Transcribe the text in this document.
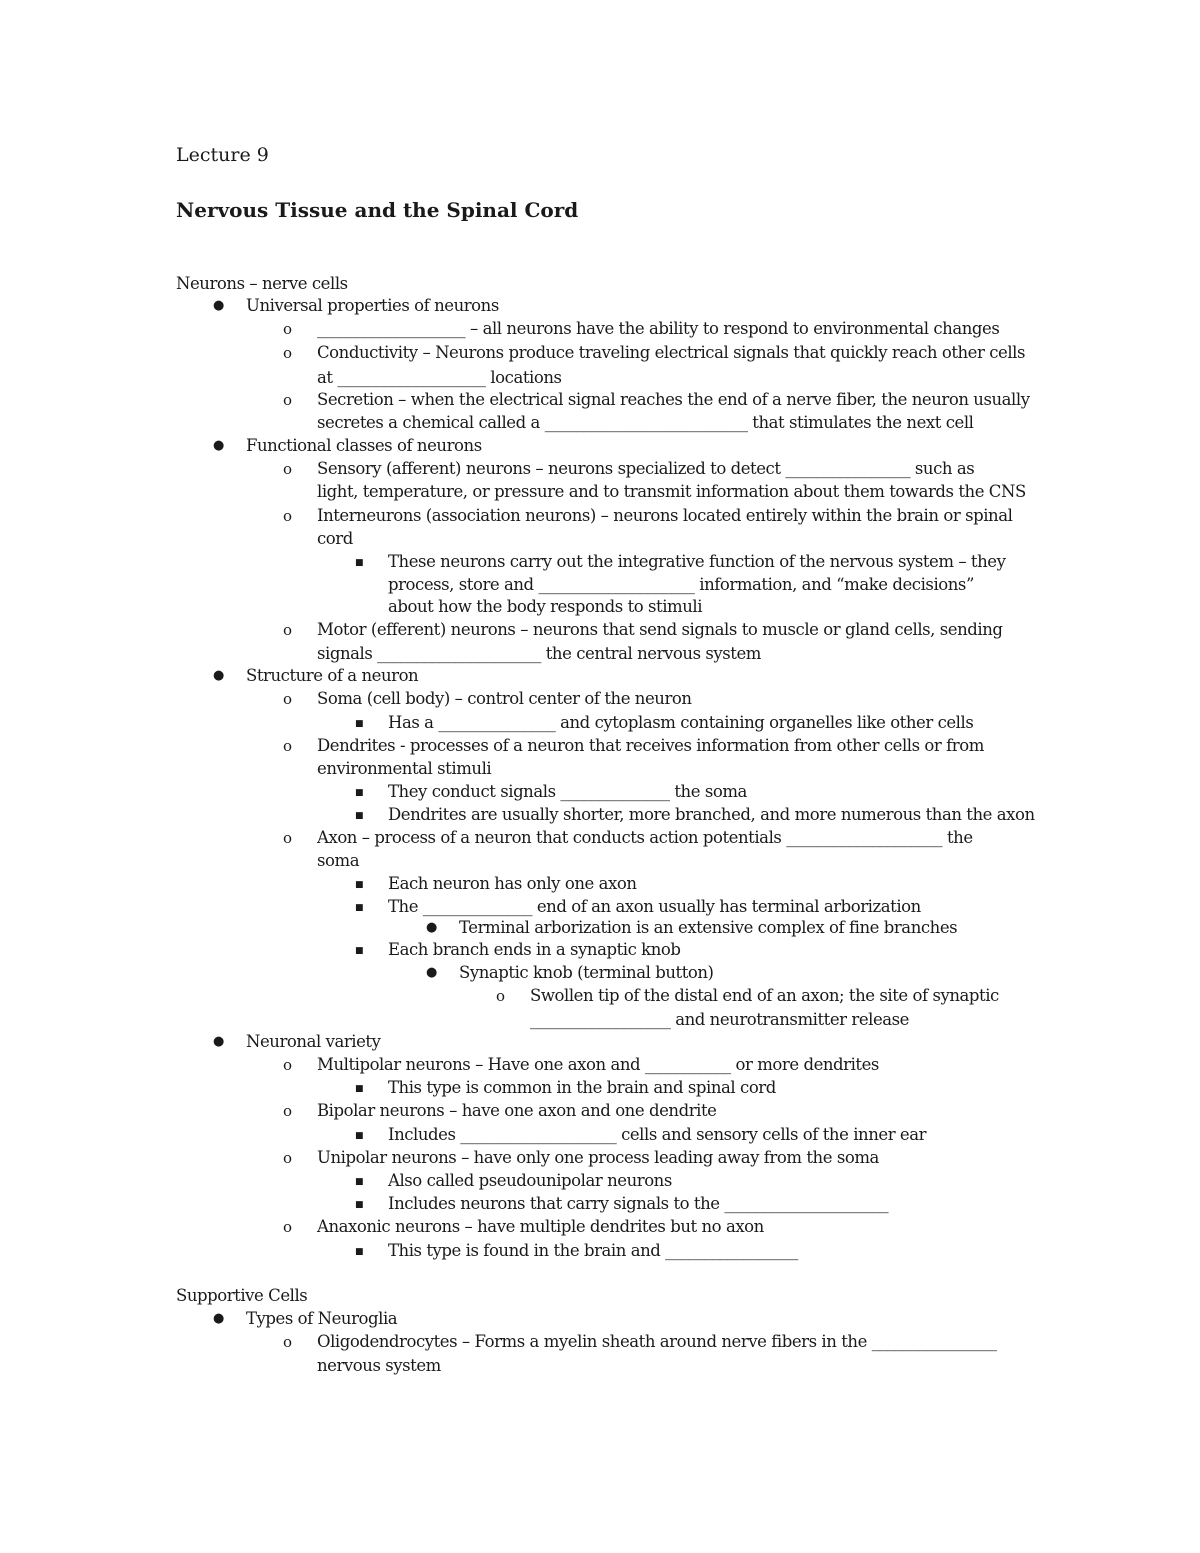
Lecture 9
Nervous Tissue and the Spinal Cord
Neurons – nerve cells
● Universal properties of neurons
o ___________________ – all neurons have the ability to respond to environmental changes
o Conductivity – Neurons produce traveling electrical signals that quickly reach other cells
at ___________________ locations
o Secretion – when the electrical signal reaches the end of a nerve fiber, the neuron usually
secretes a chemical called a __________________________ that stimulates the next cell
● Functional classes of neurons
o Sensory (afferent) neurons – neurons specialized to detect ________________ such as
light, temperature, or pressure and to transmit information about them towards the CNS
o Interneurons (association neurons) – neurons located entirely within the brain or spinal
cord
■ These neurons carry out the integrative function of the nervous system – they
process, store and ____________________ information, and “make decisions”
about how the body responds to stimuli
o Motor (efferent) neurons – neurons that send signals to muscle or gland cells, sending
signals _____________________ the central nervous system
● Structure of a neuron
o Soma (cell body) – control center of the neuron
■ Has a _______________ and cytoplasm containing organelles like other cells
o Dendrites - processes of a neuron that receives information from other cells or from
environmental stimuli
■ They conduct signals ______________ the soma
■ Dendrites are usually shorter, more branched, and more numerous than the axon
o Axon – process of a neuron that conducts action potentials ____________________ the
soma
■ Each neuron has only one axon
■ The ______________ end of an axon usually has terminal arborization
● Terminal arborization is an extensive complex of fine branches
■ Each branch ends in a synaptic knob
● Synaptic knob (terminal button)
o Swollen tip of the distal end of an axon; the site of synaptic
__________________ and neurotransmitter release
● Neuronal variety
o Multipolar neurons – Have one axon and ___________ or more dendrites
■ This type is common in the brain and spinal cord
o Bipolar neurons – have one axon and one dendrite
■ Includes ____________________ cells and sensory cells of the inner ear
o Unipolar neurons – have only one process leading away from the soma
■ Also called pseudounipolar neurons
■ Includes neurons that carry signals to the _____________________
o Anaxonic neurons – have multiple dendrites but no axon
■ This type is found in the brain and _________________
Supportive Cells
● Types of Neuroglia
o Oligodendrocytes – Forms a myelin sheath around nerve fibers in the ________________
nervous system
